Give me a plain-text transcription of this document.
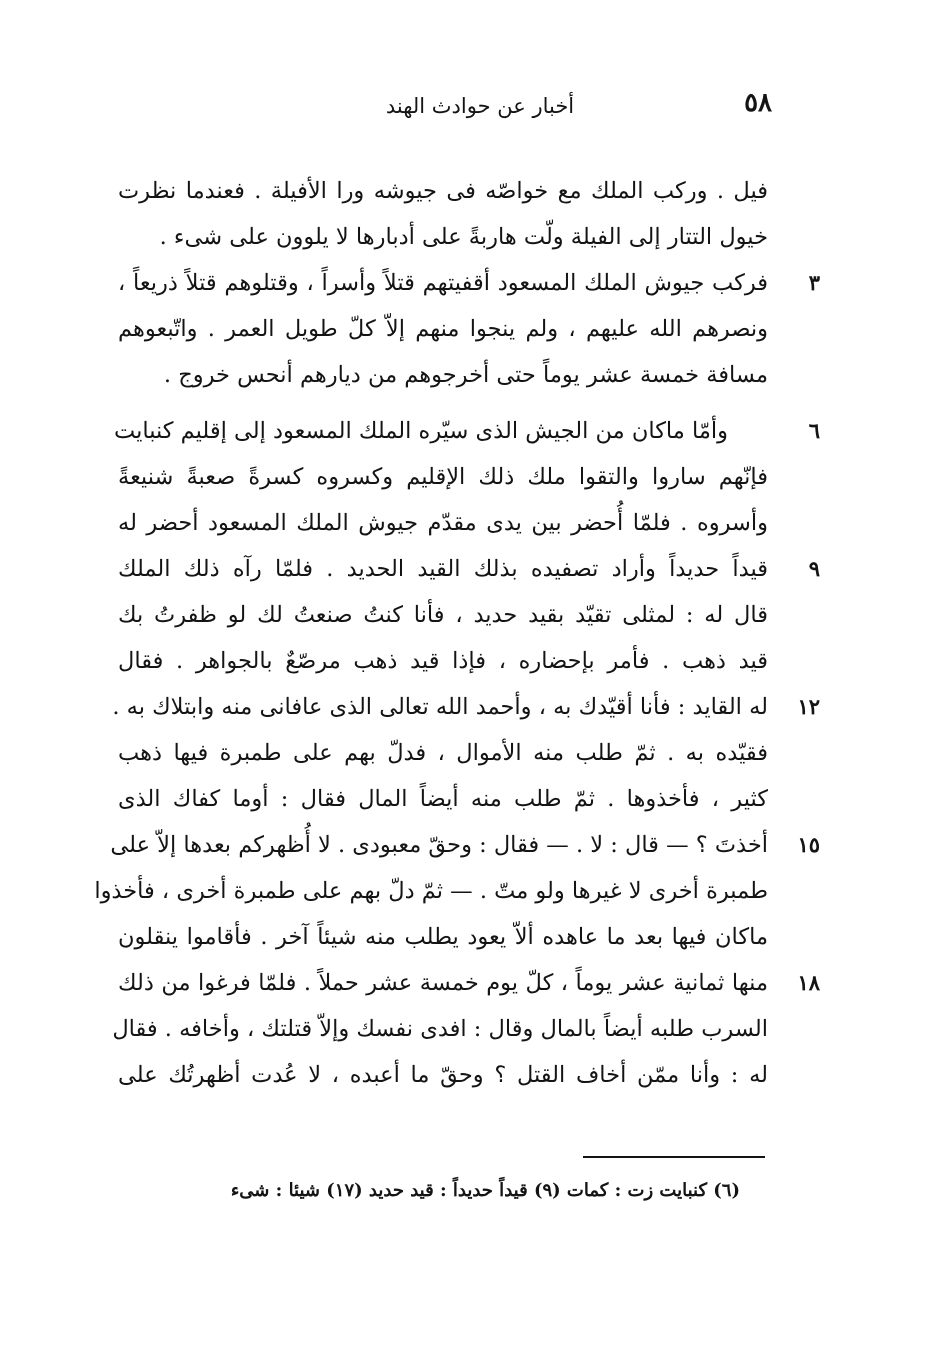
أخبار عن حوادث الهند	٥٨
فيل . وركب الملك مع خواصّه فى جيوشه ورا الأفيلة . فعندما نظرت
خيول التتار إلى الفيلة ولّت هاربةً على أدبارها لا يلوون على شىء .
٣
فركب جيوش الملك المسعود أقفيتهم قتلاً وأسراً ، وقتلوهم قتلاً ذريعاً ،
ونصرهم الله عليهم ، ولم ينجوا منهم إلاّ كلّ طويل العمر . واتّبعوهم
مسافة خمسة عشر يوماً حتى أخرجوهم من ديارهم أنحس خروج .
٦
وأمّا ماكان من الجيش الذى سيّره الملك المسعود إلى إقليم كنبايت
فإنّهم ساروا والتقوا ملك ذلك الإقليم وكسروه كسرةً صعبةً شنيعةً
وأسروه . فلمّا أُحضر بين يدى مقدّم جيوش الملك المسعود أحضر له
٩
قيداً حديداً وأراد تصفيده بذلك القيد الحديد . فلمّا رآه ذلك الملك
قال له : لمثلى تقيّد بقيد حديد ، فأنا كنتُ صنعتُ لك لو ظفرتُ بك
قيد ذهب . فأمر بإحضاره ، فإذا قيد ذهب مرصّعٌ بالجواهر . فقال
١٢
له القايد : فأنا أقيّدك به ، وأحمد الله تعالى الذى عافانى منه وابتلاك به .
فقيّده به . ثمّ طلب منه الأموال ، فدلّ بهم على طمبرة فيها ذهب
كثير ، فأخذوها . ثمّ طلب منه أيضاً المال فقال : أوما كفاك الذى
١٥
أخذتَ ؟ — قال : لا . — فقال : وحقّ معبودى . لا أُظهركم بعدها إلاّ على
طمبرة أخرى لا غيرها ولو متّ . — ثمّ دلّ بهم على طمبرة أخرى ، فأخذوا
ماكان فيها بعد ما عاهده ألاّ يعود يطلب منه شيئاً آخر . فأقاموا ينقلون
١٨
منها ثمانية عشر يوماً ، كلّ يوم خمسة عشر حملاً . فلمّا فرغوا من ذلك
السرب طلبه أيضاً بالمال وقال : افدى نفسك وإلاّ قتلتك ، وأخافه . فقال
له : وأنا ممّن أخاف القتل ؟ وحقّ ما أعبده ، لا عُدت أظهرتُك على
(٦) كنبايت زت : كمات (٩) قيداً حديداً : قيد حديد (١٧) شيئا : شىء
